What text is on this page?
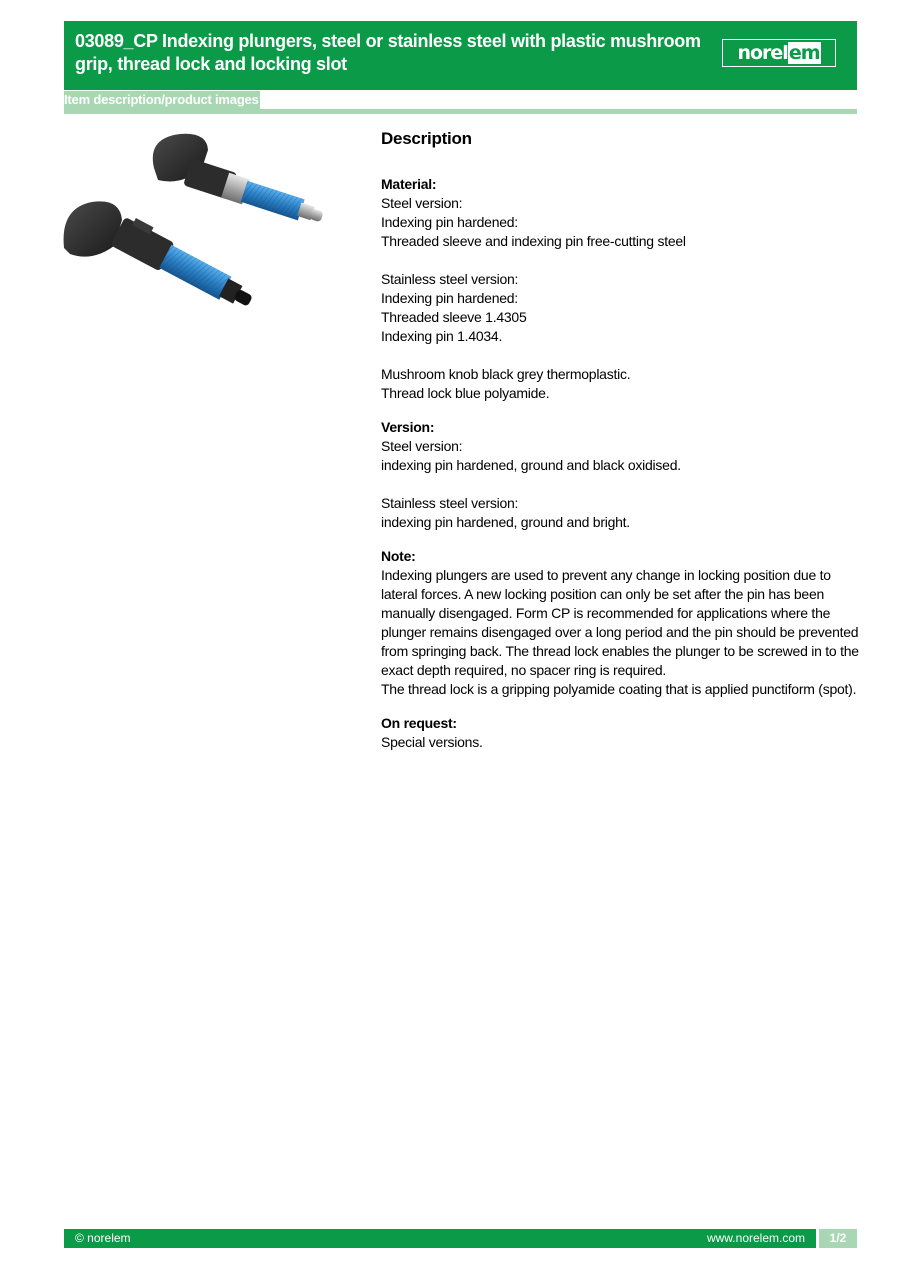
03089_CP Indexing plungers, steel or stainless steel with plastic mushroom grip, thread lock and locking slot	norel em
Item description/product images
Description
Material:
Steel version:
Indexing pin hardened:
Threaded sleeve and indexing pin free-cutting steel
Stainless steel version:
Indexing pin hardened:
Threaded sleeve 1.4305
Indexing pin 1.4034.
Mushroom knob black grey thermoplastic.
Thread lock blue polyamide.
Version:
Steel version:
indexing pin hardened, ground and black oxidised.
Stainless steel version:
indexing pin hardened, ground and bright.
Note:
Indexing plungers are used to prevent any change in locking position due to lateral forces. A new locking position can only be set after the pin has been manually disengaged. Form CP is recommended for applications where the plunger remains disengaged over a long period and the pin should be prevented from springing back. The thread lock enables the plunger to be screwed in to the exact depth required, no spacer ring is required.
The thread lock is a gripping polyamide coating that is applied punctiform (spot).
On request:
Special versions.
© norelem	www.norelem.com	1/2
